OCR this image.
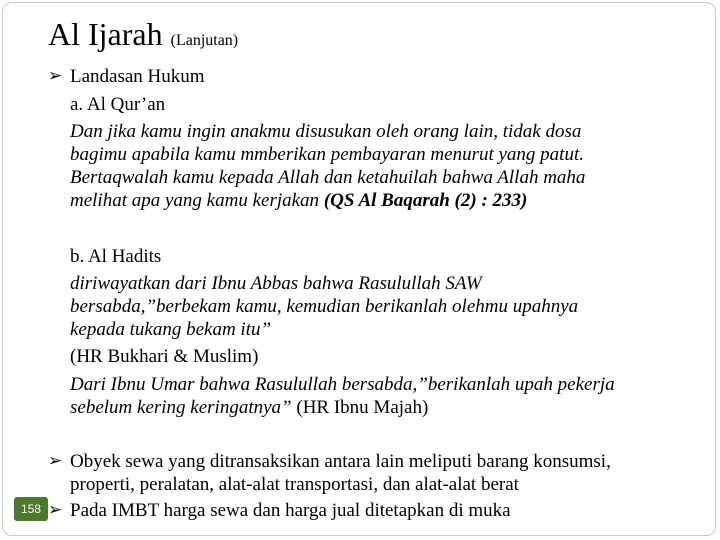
Al Ijarah (Lanjutan)
➢ Landasan Hukum
a. Al Qur’an
Dan jika kamu ingin anakmu disusukan oleh orang lain, tidak dosa
bagimu apabila kamu mmberikan pembayaran menurut yang patut.
Bertaqwalah kamu kepada Allah dan ketahuilah bahwa Allah maha
melihat apa yang kamu kerjakan (QS Al Baqarah (2) : 233)
b. Al Hadits
diriwayatkan dari Ibnu Abbas bahwa Rasulullah SAW
bersabda,”berbekam kamu, kemudian berikanlah olehmu upahnya
kepada tukang bekam itu”
(HR Bukhari & Muslim)
Dari Ibnu Umar bahwa Rasulullah bersabda,”berikanlah upah pekerja
sebelum kering keringatnya” (HR Ibnu Majah)
➢ Obyek sewa yang ditransaksikan antara lain meliputi barang konsumsi,
properti, peralatan, alat-alat transportasi, dan alat-alat berat
➢ Pada IMBT harga sewa dan harga jual ditetapkan di muka
158
